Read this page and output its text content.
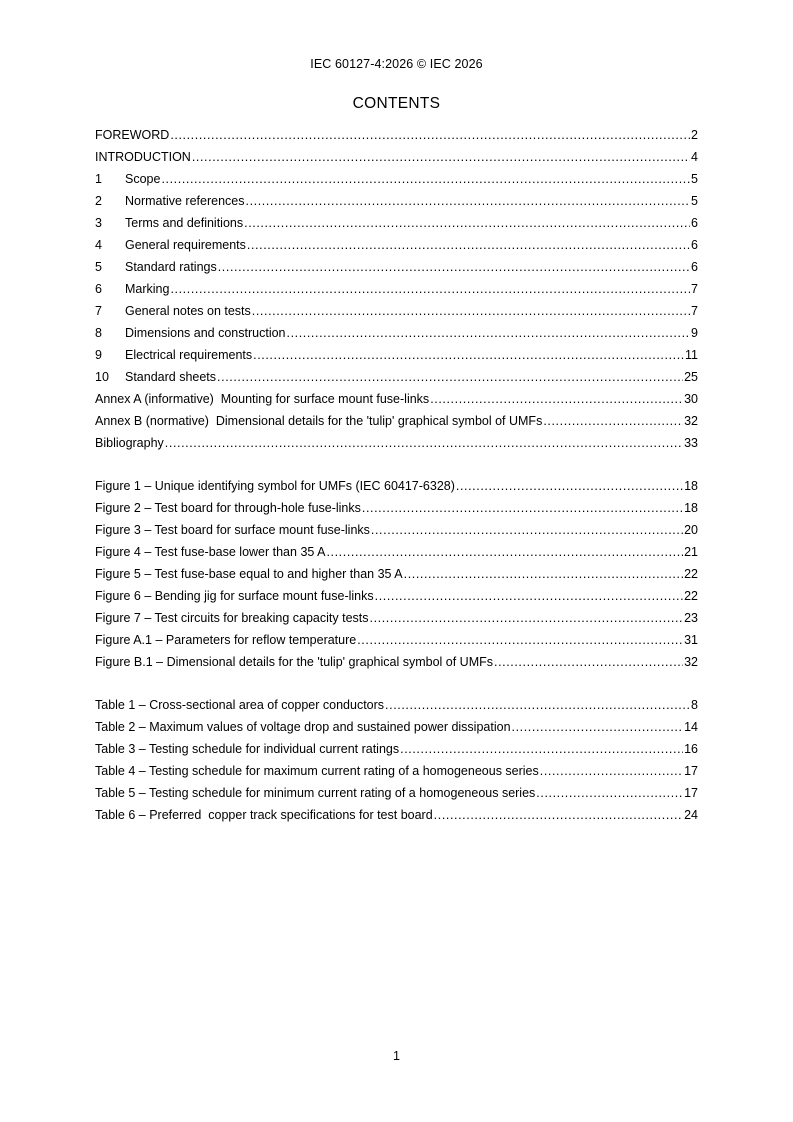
IEC 60127-4:2026 © IEC 2026
CONTENTS
FOREWORD .....	2
INTRODUCTION .....	4
1	Scope .....	5
2	Normative references .....	5
3	Terms and definitions .....	6
4	General requirements .....	6
5	Standard ratings .....	6
6	Marking .....	7
7	General notes on tests .....	7
8	Dimensions and construction .....	9
9	Electrical requirements .....	11
10	Standard sheets .....	25
Annex A (informative)  Mounting for surface mount fuse-links .....	30
Annex B (normative)  Dimensional details for the 'tulip' graphical symbol of UMFs .....	32
Bibliography .....	33
Figure 1 – Unique identifying symbol for UMFs (IEC 60417-6328) .....	18
Figure 2 – Test board for through-hole fuse-links .....	18
Figure 3 – Test board for surface mount fuse-links .....	20
Figure 4 – Test fuse-base lower than 35 A .....	21
Figure 5 – Test fuse-base equal to and higher than 35 A .....	22
Figure 6 – Bending jig for surface mount fuse-links .....	22
Figure 7 – Test circuits for breaking capacity tests .....	23
Figure A.1 – Parameters for reflow temperature .....	31
Figure B.1 – Dimensional details for the 'tulip' graphical symbol of UMFs .....	32
Table 1 – Cross-sectional area of copper conductors .....	8
Table 2 – Maximum values of voltage drop and sustained power dissipation .....	14
Table 3 – Testing schedule for individual current ratings .....	16
Table 4 – Testing schedule for maximum current rating of a homogeneous series .....	17
Table 5 – Testing schedule for minimum current rating of a homogeneous series .....	17
Table 6 – Preferred  copper track specifications for test board .....	24
1
